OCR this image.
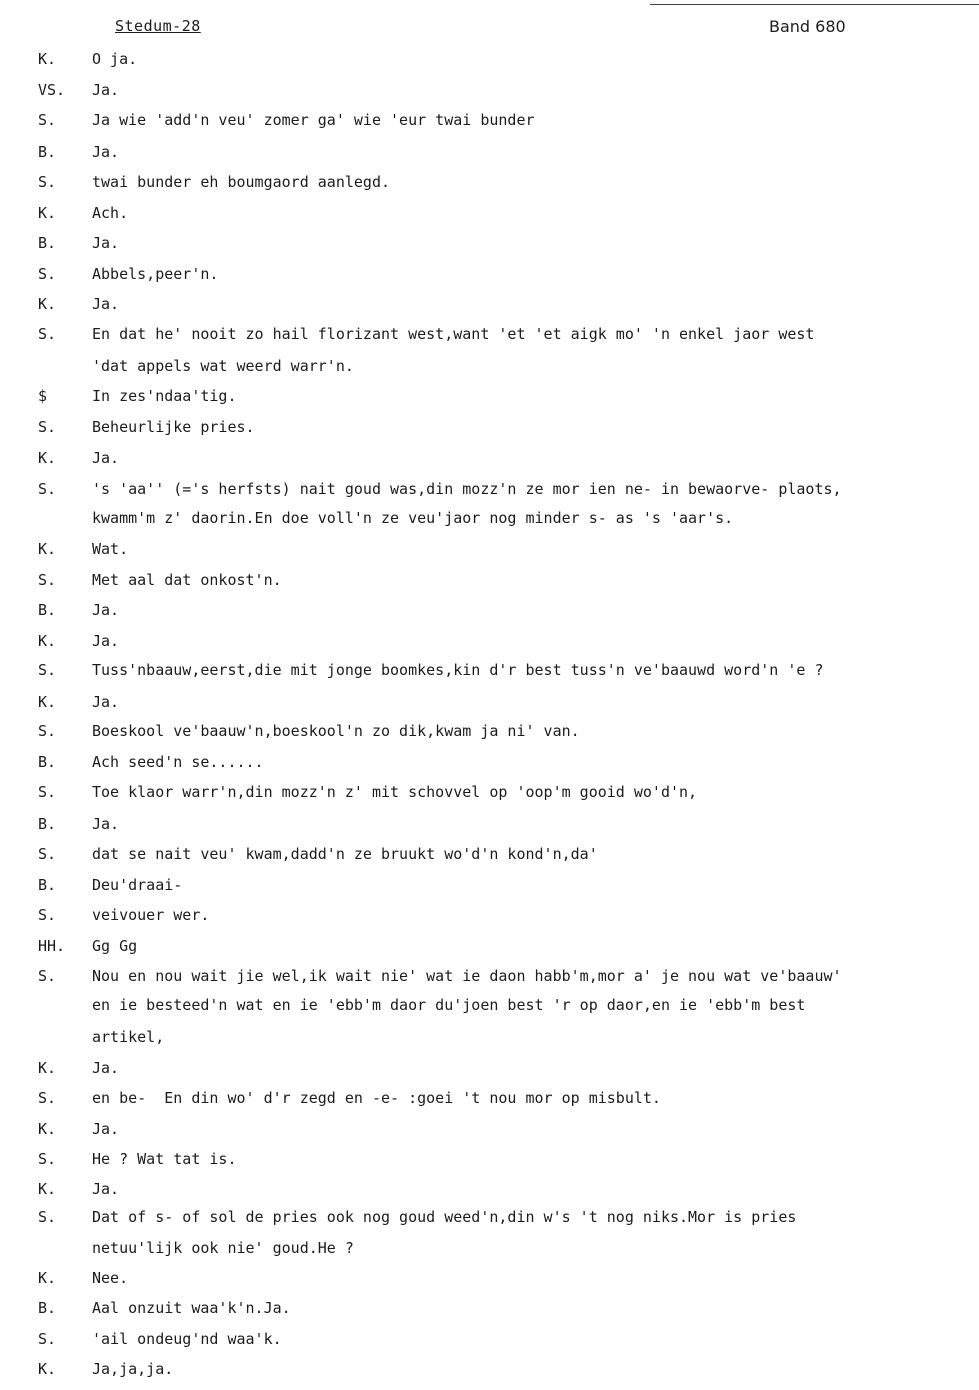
Stedum-28	Band 680
K. O ja.
VS. Ja.
S. Ja wie 'add'n veu' zomer ga' wie 'eur twai bunder
B. Ja.
S. twai bunder eh boumgaord aanlegd.
K. Ach.
B. Ja.
S. Abbels,peer'n.
K. Ja.
S. En dat he' nooit zo hail florizant west,want 'et 'et aigk mo' 'n enkel jaor west
'dat appels wat weerd warr'n.
$	In zes'ndaa'tig.
S. Beheurlijke pries.
K. Ja.
S. 's 'aa'' (='s herfsts) nait goud was,din mozz'n ze mor ien ne- in bewaorve- plaots,
kwamm'm z' daorin.En doe voll'n ze veu'jaor nog minder s- as 's 'aar's.
K. Wat.
S. Met aal dat onkost'n.
B. Ja.
K. Ja.
S. Tuss'nbaauw,eerst,die mit jonge boomkes,kin d'r best tuss'n ve'baauwd word'n 'e ?
K. Ja.
S. Boeskool ve'baauw'n,boeskool'n zo dik,kwam ja ni' van.
B. Ach seed'n se......
S. Toe klaor warr'n,din mozz'n z' mit schovvel op 'oop'm gooid wo'd'n,
B. Ja.
S. dat se nait veu' kwam,dadd'n ze bruukt wo'd'n kond'n,da'
B. Deu'draai-
S. veivouer wer.
HH. Gg Gg
S. Nou en nou wait jie wel,ik wait nie' wat ie daon habb'm,mor a' je nou wat ve'baauw'
en ie besteed'n wat en ie 'ebb'm daor du'joen best 'r op daor,en ie 'ebb'm best
artikel,
K. Ja.
S. en be-  En din wo' d'r zegd en -e- :goei 't nou mor op misbult.
K. Ja.
S. He ? Wat tat is.
K. Ja.
S. Dat of s- of sol de pries ook nog goud weed'n,din w's 't nog niks.Mor is pries
netuu'lijk ook nie' goud.He ?
K. Nee.
B. Aal onzuit waa'k'n.Ja.
S. 'ail ondeug'nd waa'k.
K. Ja,ja,ja.
